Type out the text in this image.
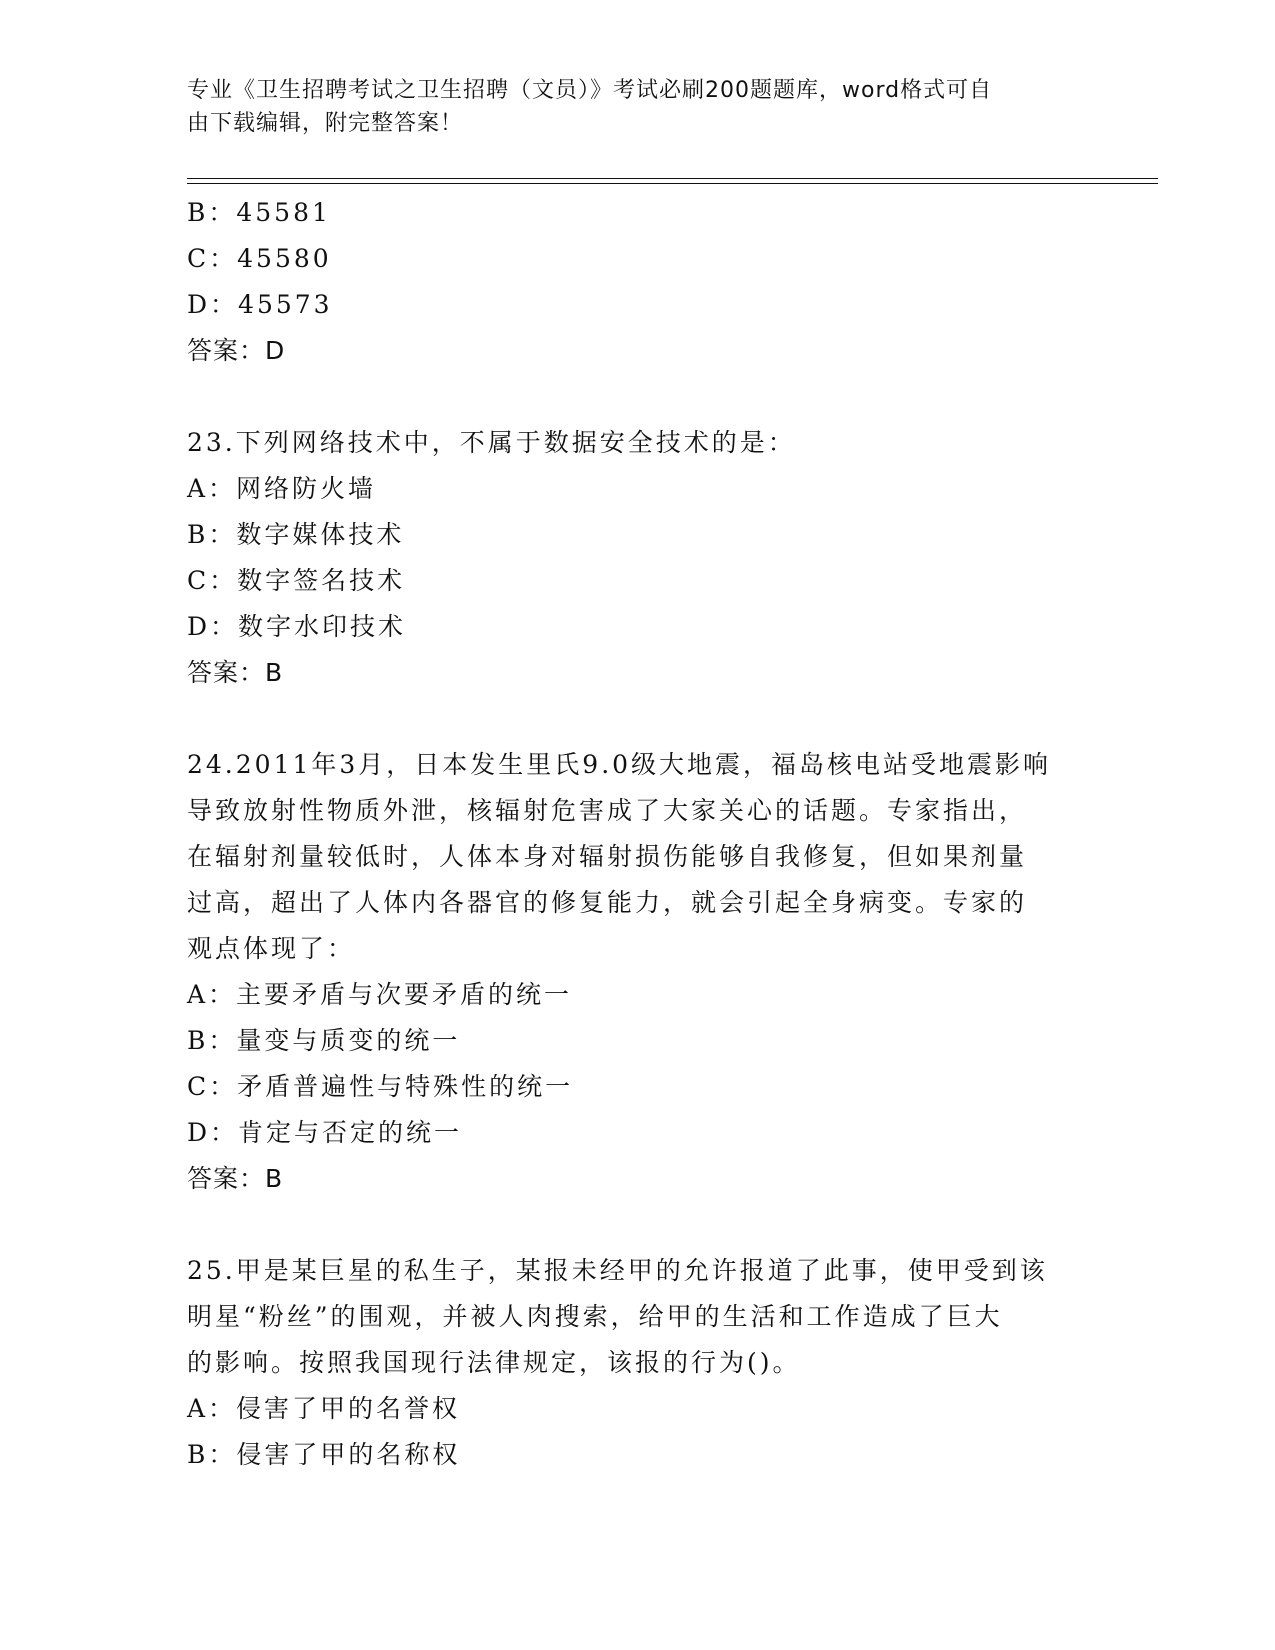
专业《卫生招聘考试之卫生招聘（文员）》考试必刷200题题库，word格式可自
由下载编辑，附完整答案！
B：45581
C：45580
D：45573
答案：D
23.下列网络技术中，不属于数据安全技术的是：
A：网络防火墙
B：数字媒体技术
C：数字签名技术
D：数字水印技术
答案：B
24.2011年3月，日本发生里氏9.0级大地震，福岛核电站受地震影响
导致放射性物质外泄，核辐射危害成了大家关心的话题。专家指出，
在辐射剂量较低时，人体本身对辐射损伤能够自我修复，但如果剂量
过高，超出了人体内各器官的修复能力，就会引起全身病变。专家的
观点体现了：
A：主要矛盾与次要矛盾的统一
B：量变与质变的统一
C：矛盾普遍性与特殊性的统一
D：肯定与否定的统一
答案：B
25.甲是某巨星的私生子，某报未经甲的允许报道了此事，使甲受到该
明星“粉丝”的围观，并被人肉搜索，给甲的生活和工作造成了巨大
的影响。按照我国现行法律规定，该报的行为()。
A：侵害了甲的名誉权
B：侵害了甲的名称权
